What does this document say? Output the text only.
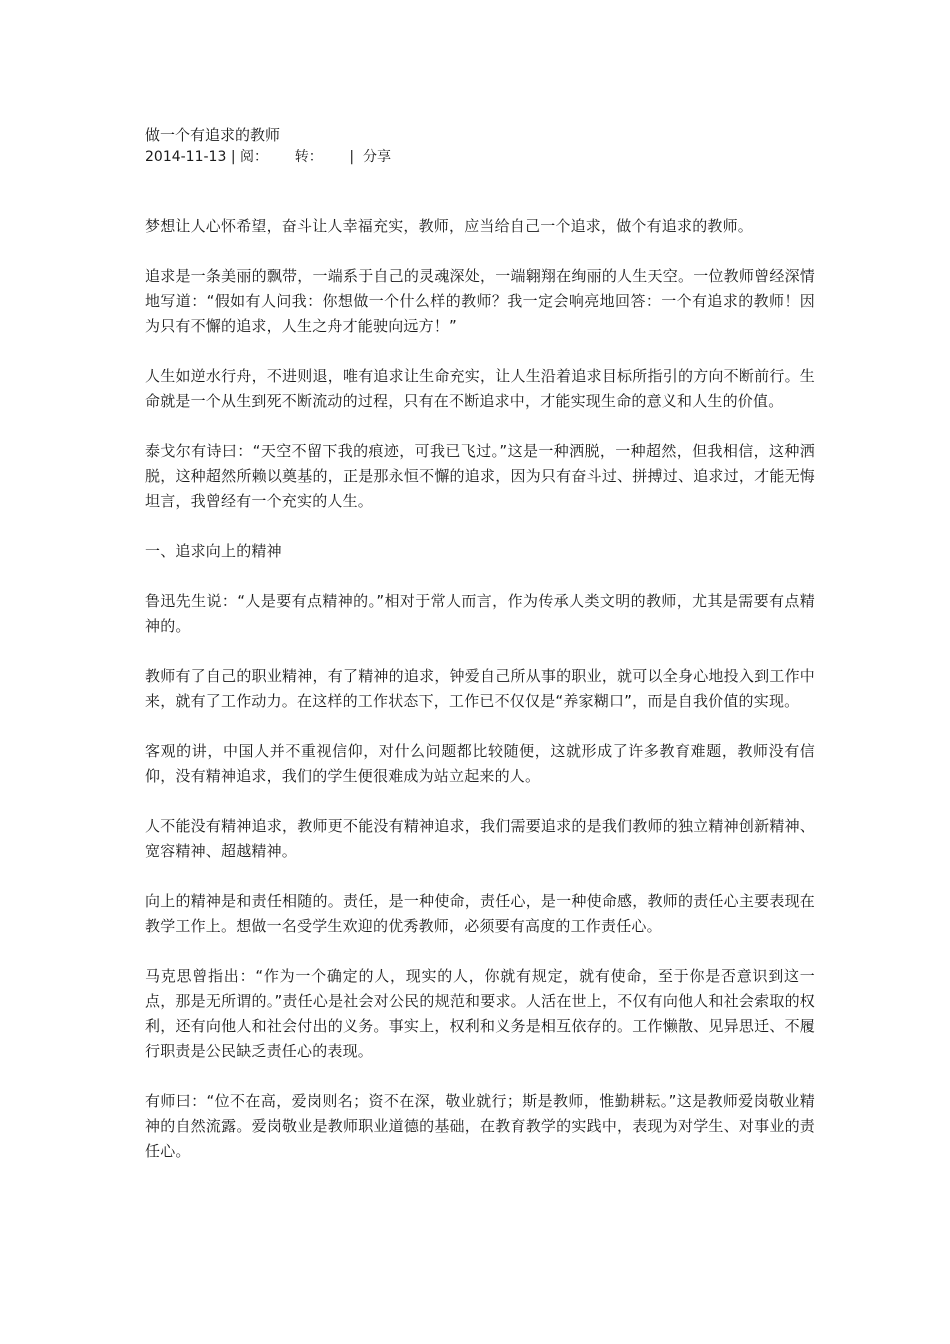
做一个有追求的教师
2014-11-13 | 阅： 转： | 分享

梦想让人心怀希望，奋斗让人幸福充实，教师，应当给自己一个追求，做个有追求的教师。

追求是一条美丽的飘带，一端系于自己的灵魂深处，一端翱翔在绚丽的人生天空。一位教师曾经深情地写道：“假如有人问我：你想做一个什么样的教师？我一定会响亮地回答：一个有追求的教师！因为只有不懈的追求，人生之舟才能驶向远方！”

人生如逆水行舟，不进则退，唯有追求让生命充实，让人生沿着追求目标所指引的方向不断前行。生命就是一个从生到死不断流动的过程，只有在不断追求中，才能实现生命的意义和人生的价值。

泰戈尔有诗曰：“天空不留下我的痕迹，可我已飞过。”这是一种洒脱，一种超然，但我相信，这种洒脱，这种超然所赖以奠基的，正是那永恒不懈的追求，因为只有奋斗过、拼搏过、追求过，才能无悔坦言，我曾经有一个充实的人生。

一、追求向上的精神

鲁迅先生说：“人是要有点精神的。”相对于常人而言，作为传承人类文明的教师，尤其是需要有点精神的。

教师有了自己的职业精神，有了精神的追求，钟爱自己所从事的职业，就可以全身心地投入到工作中来，就有了工作动力。在这样的工作状态下，工作已不仅仅是“养家糊口”，而是自我价值的实现。

客观的讲，中国人并不重视信仰，对什么问题都比较随便，这就形成了许多教育难题，教师没有信仰，没有精神追求，我们的学生便很难成为站立起来的人。

人不能没有精神追求，教师更不能没有精神追求，我们需要追求的是我们教师的独立精神创新精神、宽容精神、超越精神。

向上的精神是和责任相随的。责任，是一种使命，责任心，是一种使命感，教师的责任心主要表现在教学工作上。想做一名受学生欢迎的优秀教师，必须要有高度的工作责任心。

马克思曾指出：“作为一个确定的人，现实的人，你就有规定，就有使命，至于你是否意识到这一点，那是无所谓的。”责任心是社会对公民的规范和要求。人活在世上，不仅有向他人和社会索取的权利，还有向他人和社会付出的义务。事实上，权利和义务是相互依存的。工作懒散、见异思迁、不履行职责是公民缺乏责任心的表现。

有师曰：“位不在高，爱岗则名；资不在深，敬业就行；斯是教师，惟勤耕耘。”这是教师爱岗敬业精神的自然流露。爱岗敬业是教师职业道德的基础，在教育教学的实践中，表现为对学生、对事业的责任心。
